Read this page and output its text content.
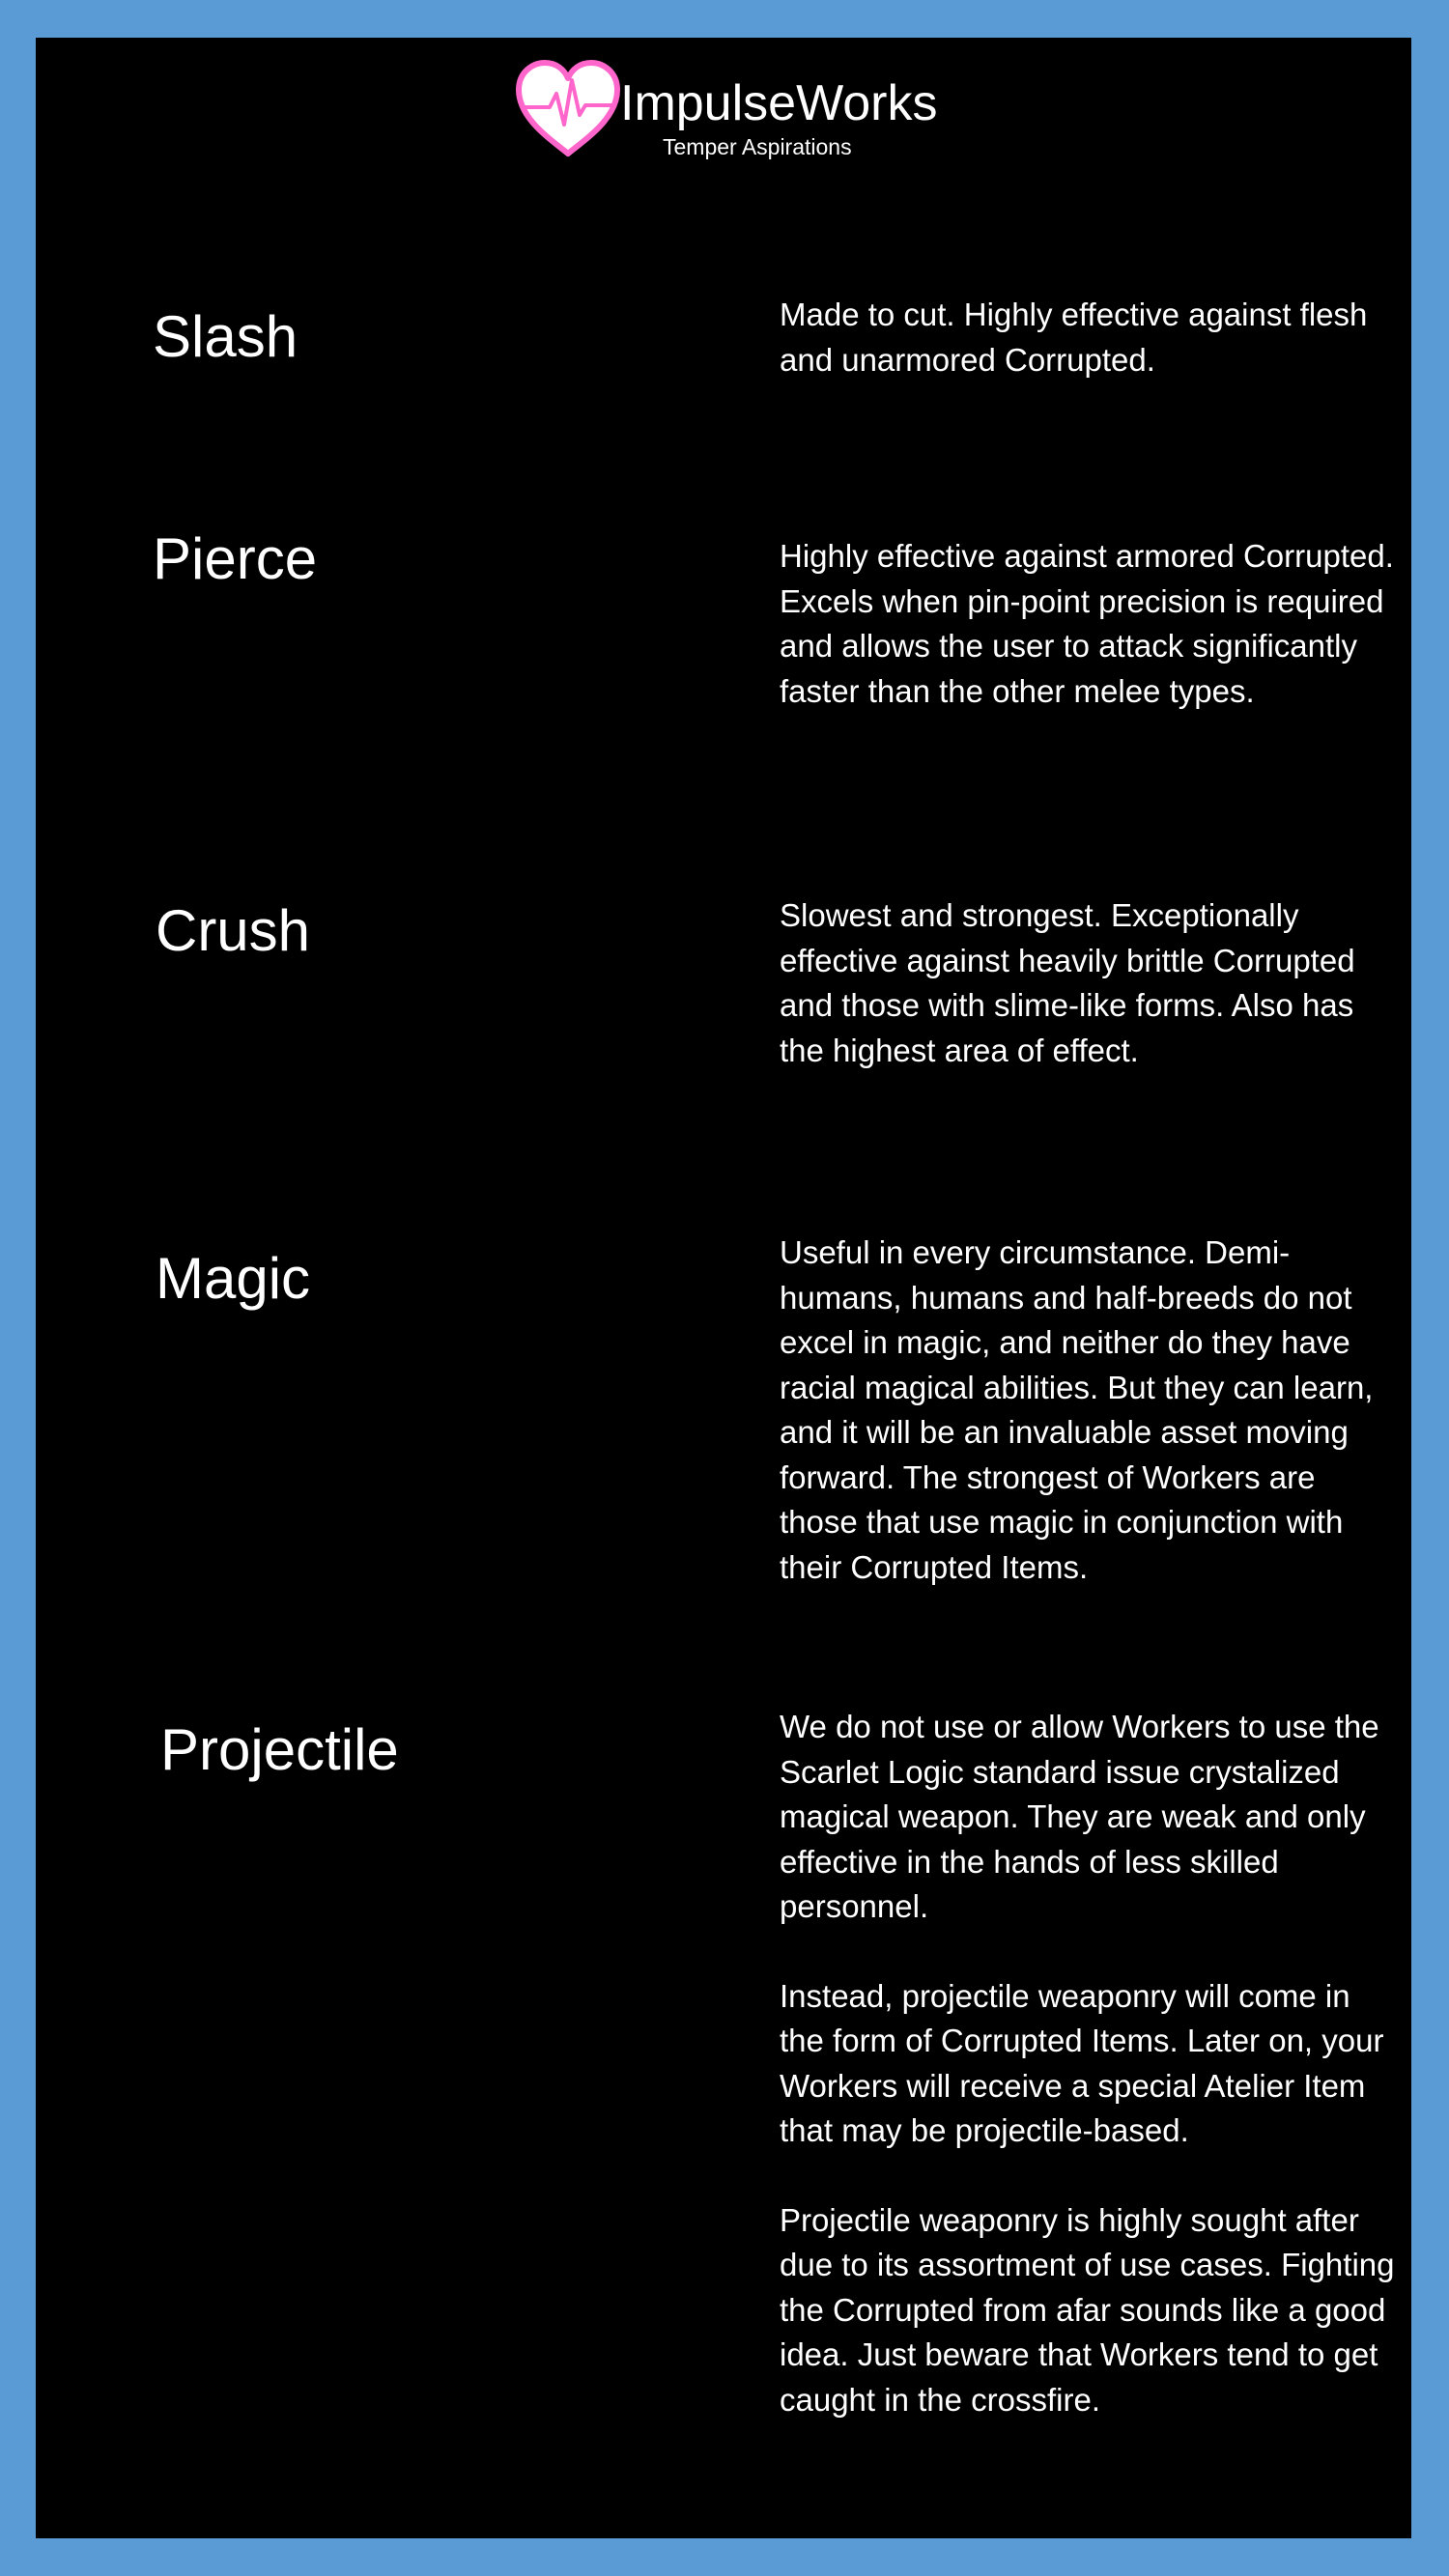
ImpulseWorks
Temper Aspirations
Slash	Made to cut. Highly effective against flesh and unarmored Corrupted.

Pierce	Highly effective against armored Corrupted. Excels when pin-point precision is required and allows the user to attack significantly faster than the other melee types.

Crush	Slowest and strongest. Exceptionally effective against heavily brittle Corrupted and those with slime-like forms. Also has the highest area of effect.

Magic	Useful in every circumstance. Demi-humans, humans and half-breeds do not excel in magic, and neither do they have racial magical abilities. But they can learn, and it will be an invaluable asset moving forward. The strongest of Workers are those that use magic in conjunction with their Corrupted Items.

Projectile	We do not use or allow Workers to use the Scarlet Logic standard issue crystalized magical weapon. They are weak and only effective in the hands of less skilled personnel.

Instead, projectile weaponry will come in the form of Corrupted Items. Later on, your Workers will receive a special Atelier Item that may be projectile-based.

Projectile weaponry is highly sought after due to its assortment of use cases. Fighting the Corrupted from afar sounds like a good idea. Just beware that Workers tend to get caught in the crossfire.
